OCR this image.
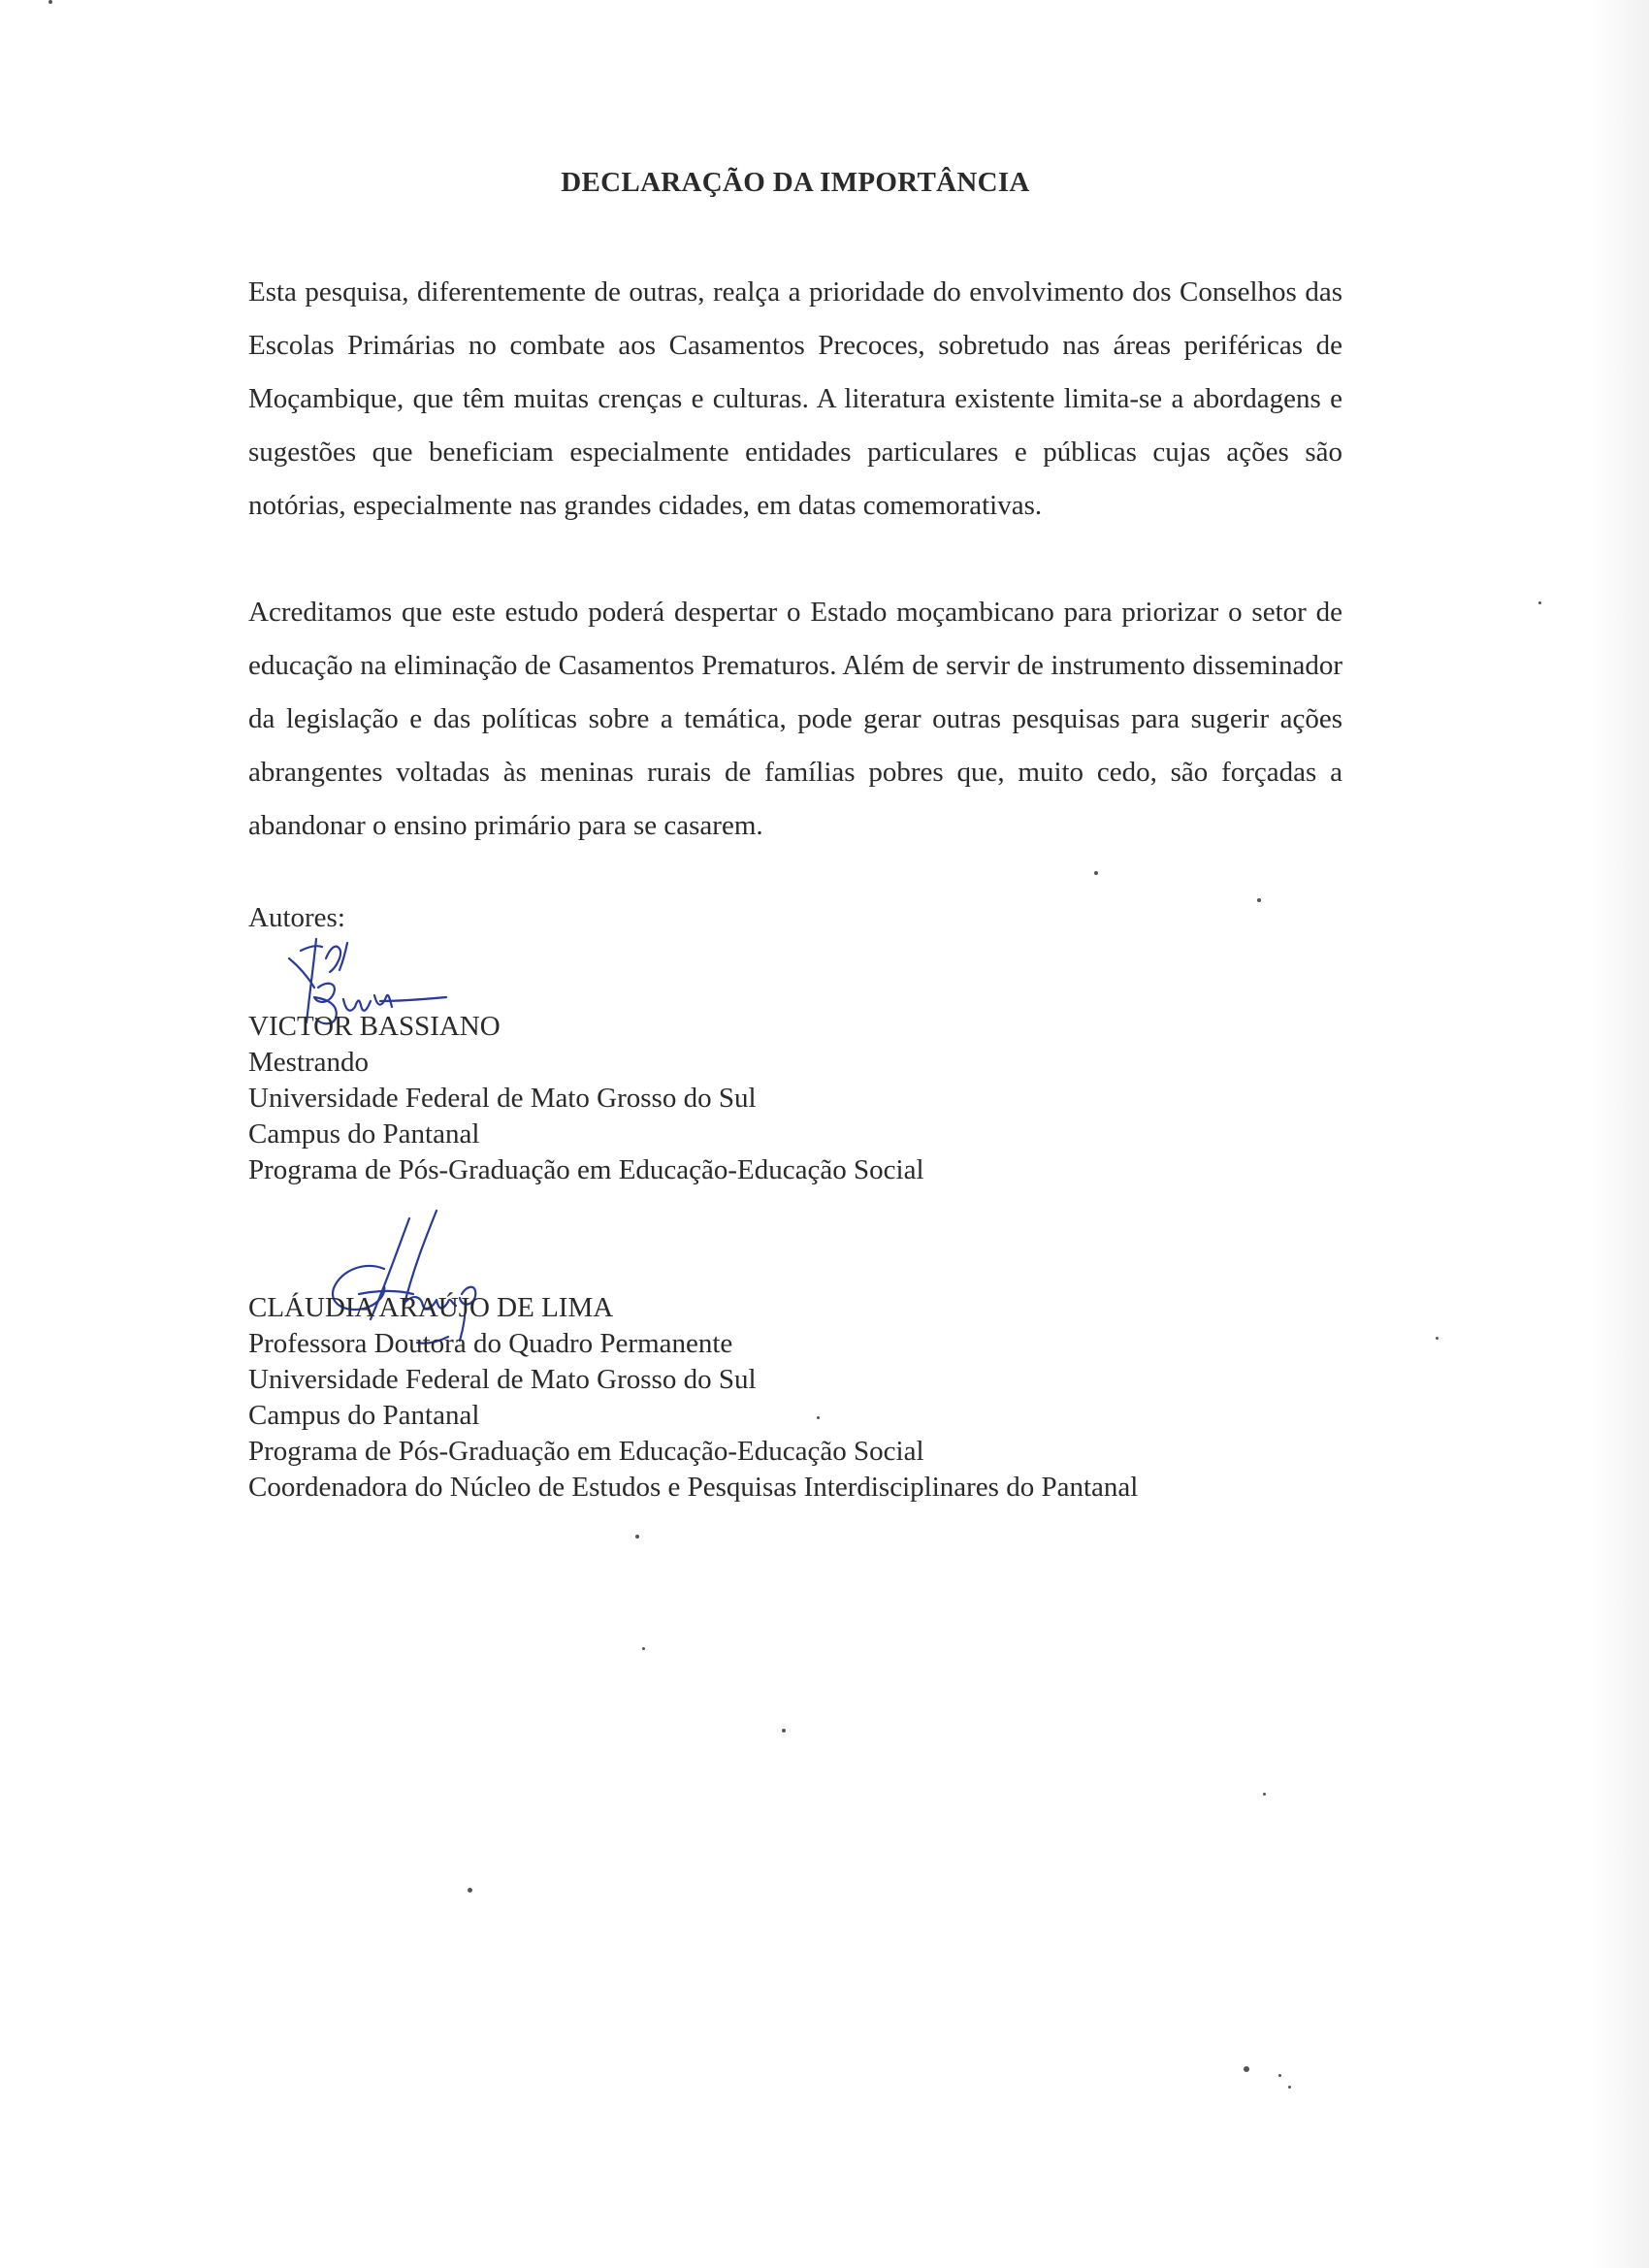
DECLARAÇÃO DA IMPORTÂNCIA

Esta pesquisa, diferentemente de outras, realça a prioridade do envolvimento dos Conselhos das Escolas Primárias no combate aos Casamentos Precoces, sobretudo nas áreas periféricas de Moçambique, que têm muitas crenças e culturas. A literatura existente limita-se a abordagens e sugestões que beneficiam especialmente entidades particulares e públicas cujas ações são notórias, especialmente nas grandes cidades, em datas comemorativas.

Acreditamos que este estudo poderá despertar o Estado moçambicano para priorizar o setor de educação na eliminação de Casamentos Prematuros. Além de servir de instrumento disseminador da legislação e das políticas sobre a temática, pode gerar outras pesquisas para sugerir ações abrangentes voltadas às meninas rurais de famílias pobres que, muito cedo, são forçadas a abandonar o ensino primário para se casarem.

Autores:
VICTOR BASSIANO
Mestrando
Universidade Federal de Mato Grosso do Sul
Campus do Pantanal
Programa de Pós-Graduação em Educação-Educação Social
CLÁUDIA ARAÚJO DE LIMA
Professora Doutora do Quadro Permanente
Universidade Federal de Mato Grosso do Sul
Campus do Pantanal
Programa de Pós-Graduação em Educação-Educação Social
Coordenadora do Núcleo de Estudos e Pesquisas Interdisciplinares do Pantanal
